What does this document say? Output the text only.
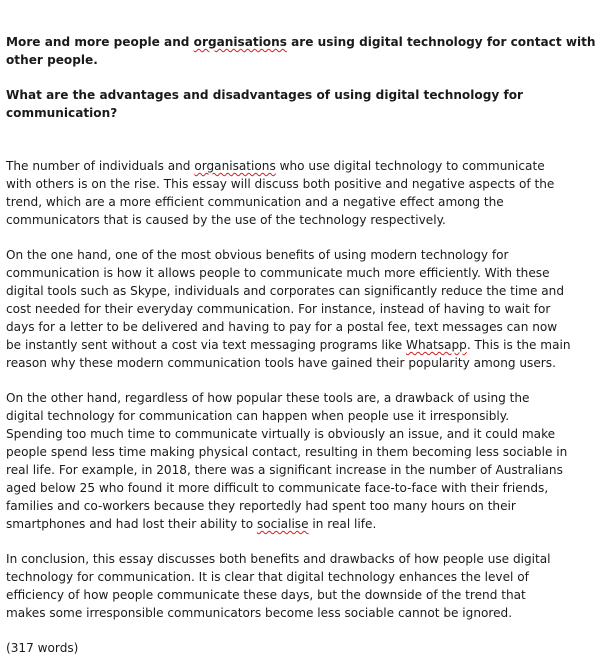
More and more people and organisations are using digital technology for contact with
other people.
What are the advantages and disadvantages of using digital technology for
communication?
The number of individuals and organisations who use digital technology to communicate
with others is on the rise. This essay will discuss both positive and negative aspects of the
trend, which are a more efficient communication and a negative effect among the
communicators that is caused by the use of the technology respectively.
On the one hand, one of the most obvious benefits of using modern technology for
communication is how it allows people to communicate much more efficiently. With these
digital tools such as Skype, individuals and corporates can significantly reduce the time and
cost needed for their everyday communication. For instance, instead of having to wait for
days for a letter to be delivered and having to pay for a postal fee, text messages can now
be instantly sent without a cost via text messaging programs like Whatsapp. This is the main
reason why these modern communication tools have gained their popularity among users.
On the other hand, regardless of how popular these tools are, a drawback of using the
digital technology for communication can happen when people use it irresponsibly.
Spending too much time to communicate virtually is obviously an issue, and it could make
people spend less time making physical contact, resulting in them becoming less sociable in
real life. For example, in 2018, there was a significant increase in the number of Australians
aged below 25 who found it more difficult to communicate face-to-face with their friends,
families and co-workers because they reportedly had spent too many hours on their
smartphones and had lost their ability to socialise in real life.
In conclusion, this essay discusses both benefits and drawbacks of how people use digital
technology for communication. It is clear that digital technology enhances the level of
efficiency of how people communicate these days, but the downside of the trend that
makes some irresponsible communicators become less sociable cannot be ignored.
(317 words)
